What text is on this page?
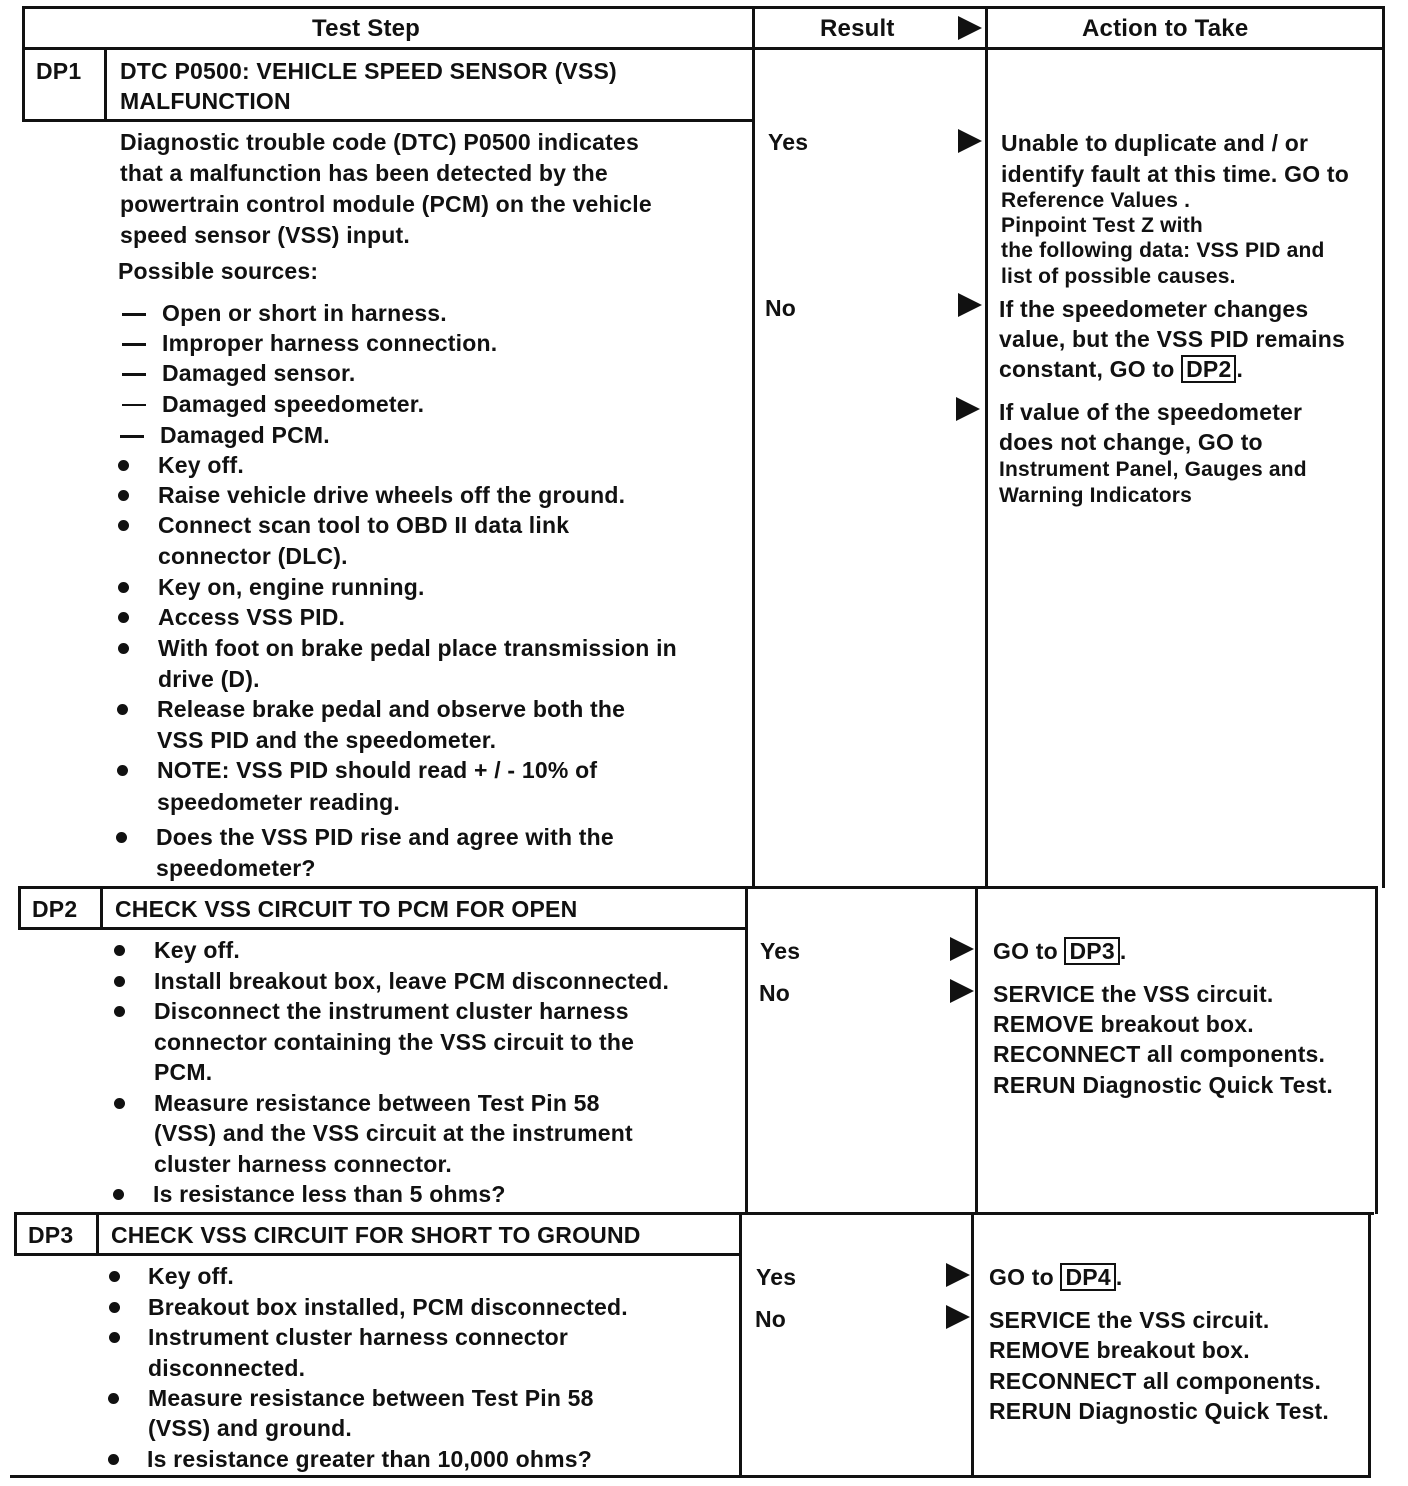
Test Step	Result	Action to Take
DP1 DTC P0500: VEHICLE SPEED SENSOR (VSS)
MALFUNCTION
Diagnostic trouble code (DTC) P0500 indicates
that a malfunction has been detected by the
powertrain control module (PCM) on the vehicle
speed sensor (VSS) input.
Possible sources:
Open or short in harness.
Improper harness connection.
Damaged sensor.
Damaged speedometer.
Damaged PCM.
Key off.
Raise vehicle drive wheels off the ground.
Connect scan tool to OBD II data link
connector (DLC).
Key on, engine running.
Access VSS PID.
With foot on brake pedal place transmission in
drive (D).
Release brake pedal and observe both the
VSS PID and the speedometer.
NOTE: VSS PID should read + / - 10% of
speedometer reading.
Does the VSS PID rise and agree with the
speedometer?
Yes
No
Unable to duplicate and / or
identify fault at this time. GO to
Reference Values .
Pinpoint Test Z with
the following data: VSS PID and
list of possible causes.
If the speedometer changes
value, but the VSS PID remains
constant, GO to DP2 .
If value of the speedometer
does not change, GO to
Instrument Panel, Gauges and
Warning Indicators
DP2 CHECK VSS CIRCUIT TO PCM FOR OPEN
Key off.
Install breakout box, leave PCM disconnected.
Disconnect the instrument cluster harness
connector containing the VSS circuit to the
PCM.
Measure resistance between Test Pin 58
(VSS) and the VSS circuit at the instrument
cluster harness connector.
Is resistance less than 5 ohms?
Yes
No
GO to DP3 .
SERVICE the VSS circuit.
REMOVE breakout box.
RECONNECT all components.
RERUN Diagnostic Quick Test.
DP3 CHECK VSS CIRCUIT FOR SHORT TO GROUND
Key off.
Breakout box installed, PCM disconnected.
Instrument cluster harness connector
disconnected.
Measure resistance between Test Pin 58
(VSS) and ground.
Is resistance greater than 10,000 ohms?
Yes
No
GO to DP4 .
SERVICE the VSS circuit.
REMOVE breakout box.
RECONNECT all components.
RERUN Diagnostic Quick Test.
